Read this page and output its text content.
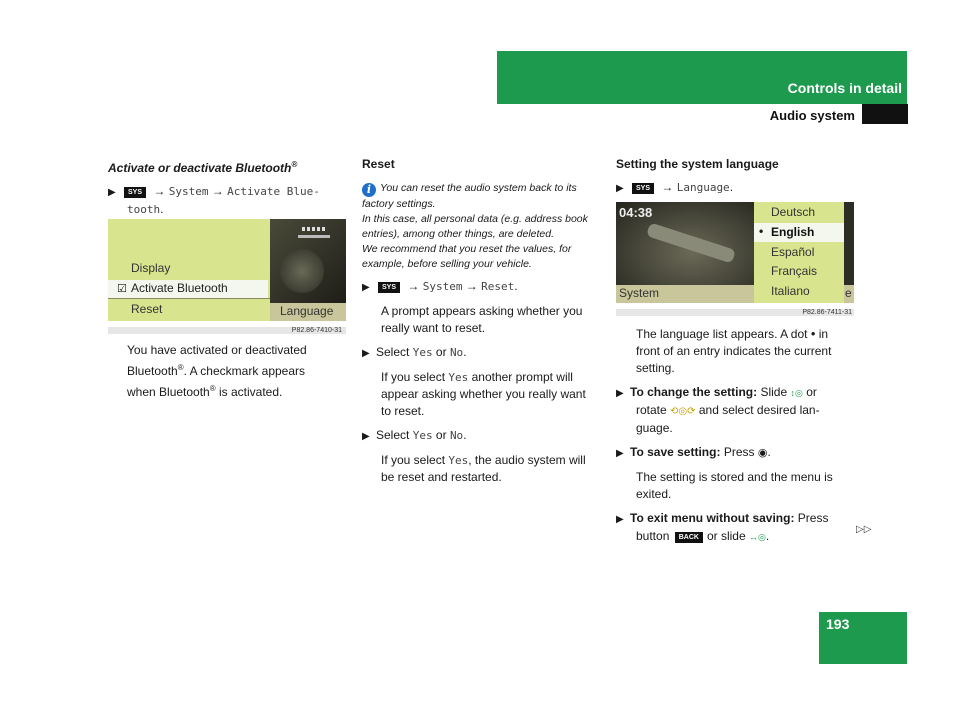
Controls in detail
Audio system
Activate or deactivate Bluetooth®
▶ SYS → System → Activate Blue-
tooth.
Display
☑ Activate Bluetooth
Reset	Language
P82.86-7410-31
You have activated or deactivated
Bluetooth®. A checkmark appears
when Bluetooth® is activated.
Reset
i You can reset the audio system back to its
factory settings.
In this case, all personal data (e.g. address book
entries), among other things, are deleted.
We recommend that you reset the values, for
example, before selling your vehicle.
▶ SYS → System → Reset.
A prompt appears asking whether you
really want to reset.
▶ Select Yes or No.
If you select Yes another prompt will
appear asking whether you really want
to reset.
▶ Select Yes or No.
If you select Yes, the audio system will
be reset and restarted.
Setting the system language
▶ SYS → Language.
04:38	Deutsch
• English
Español
Français
Italiano
System	e
P82.86-7411-31
The language list appears. A dot • in
front of an entry indicates the current
setting.
▶ To change the setting: Slide ↕◎ or
rotate ⟲◎⟳ and select desired lan-
guage.
▶ To save setting: Press ◉.
The setting is stored and the menu is
exited.
▶ To exit menu without saving: Press
button BACK or slide ↔◎.	▷▷
193
